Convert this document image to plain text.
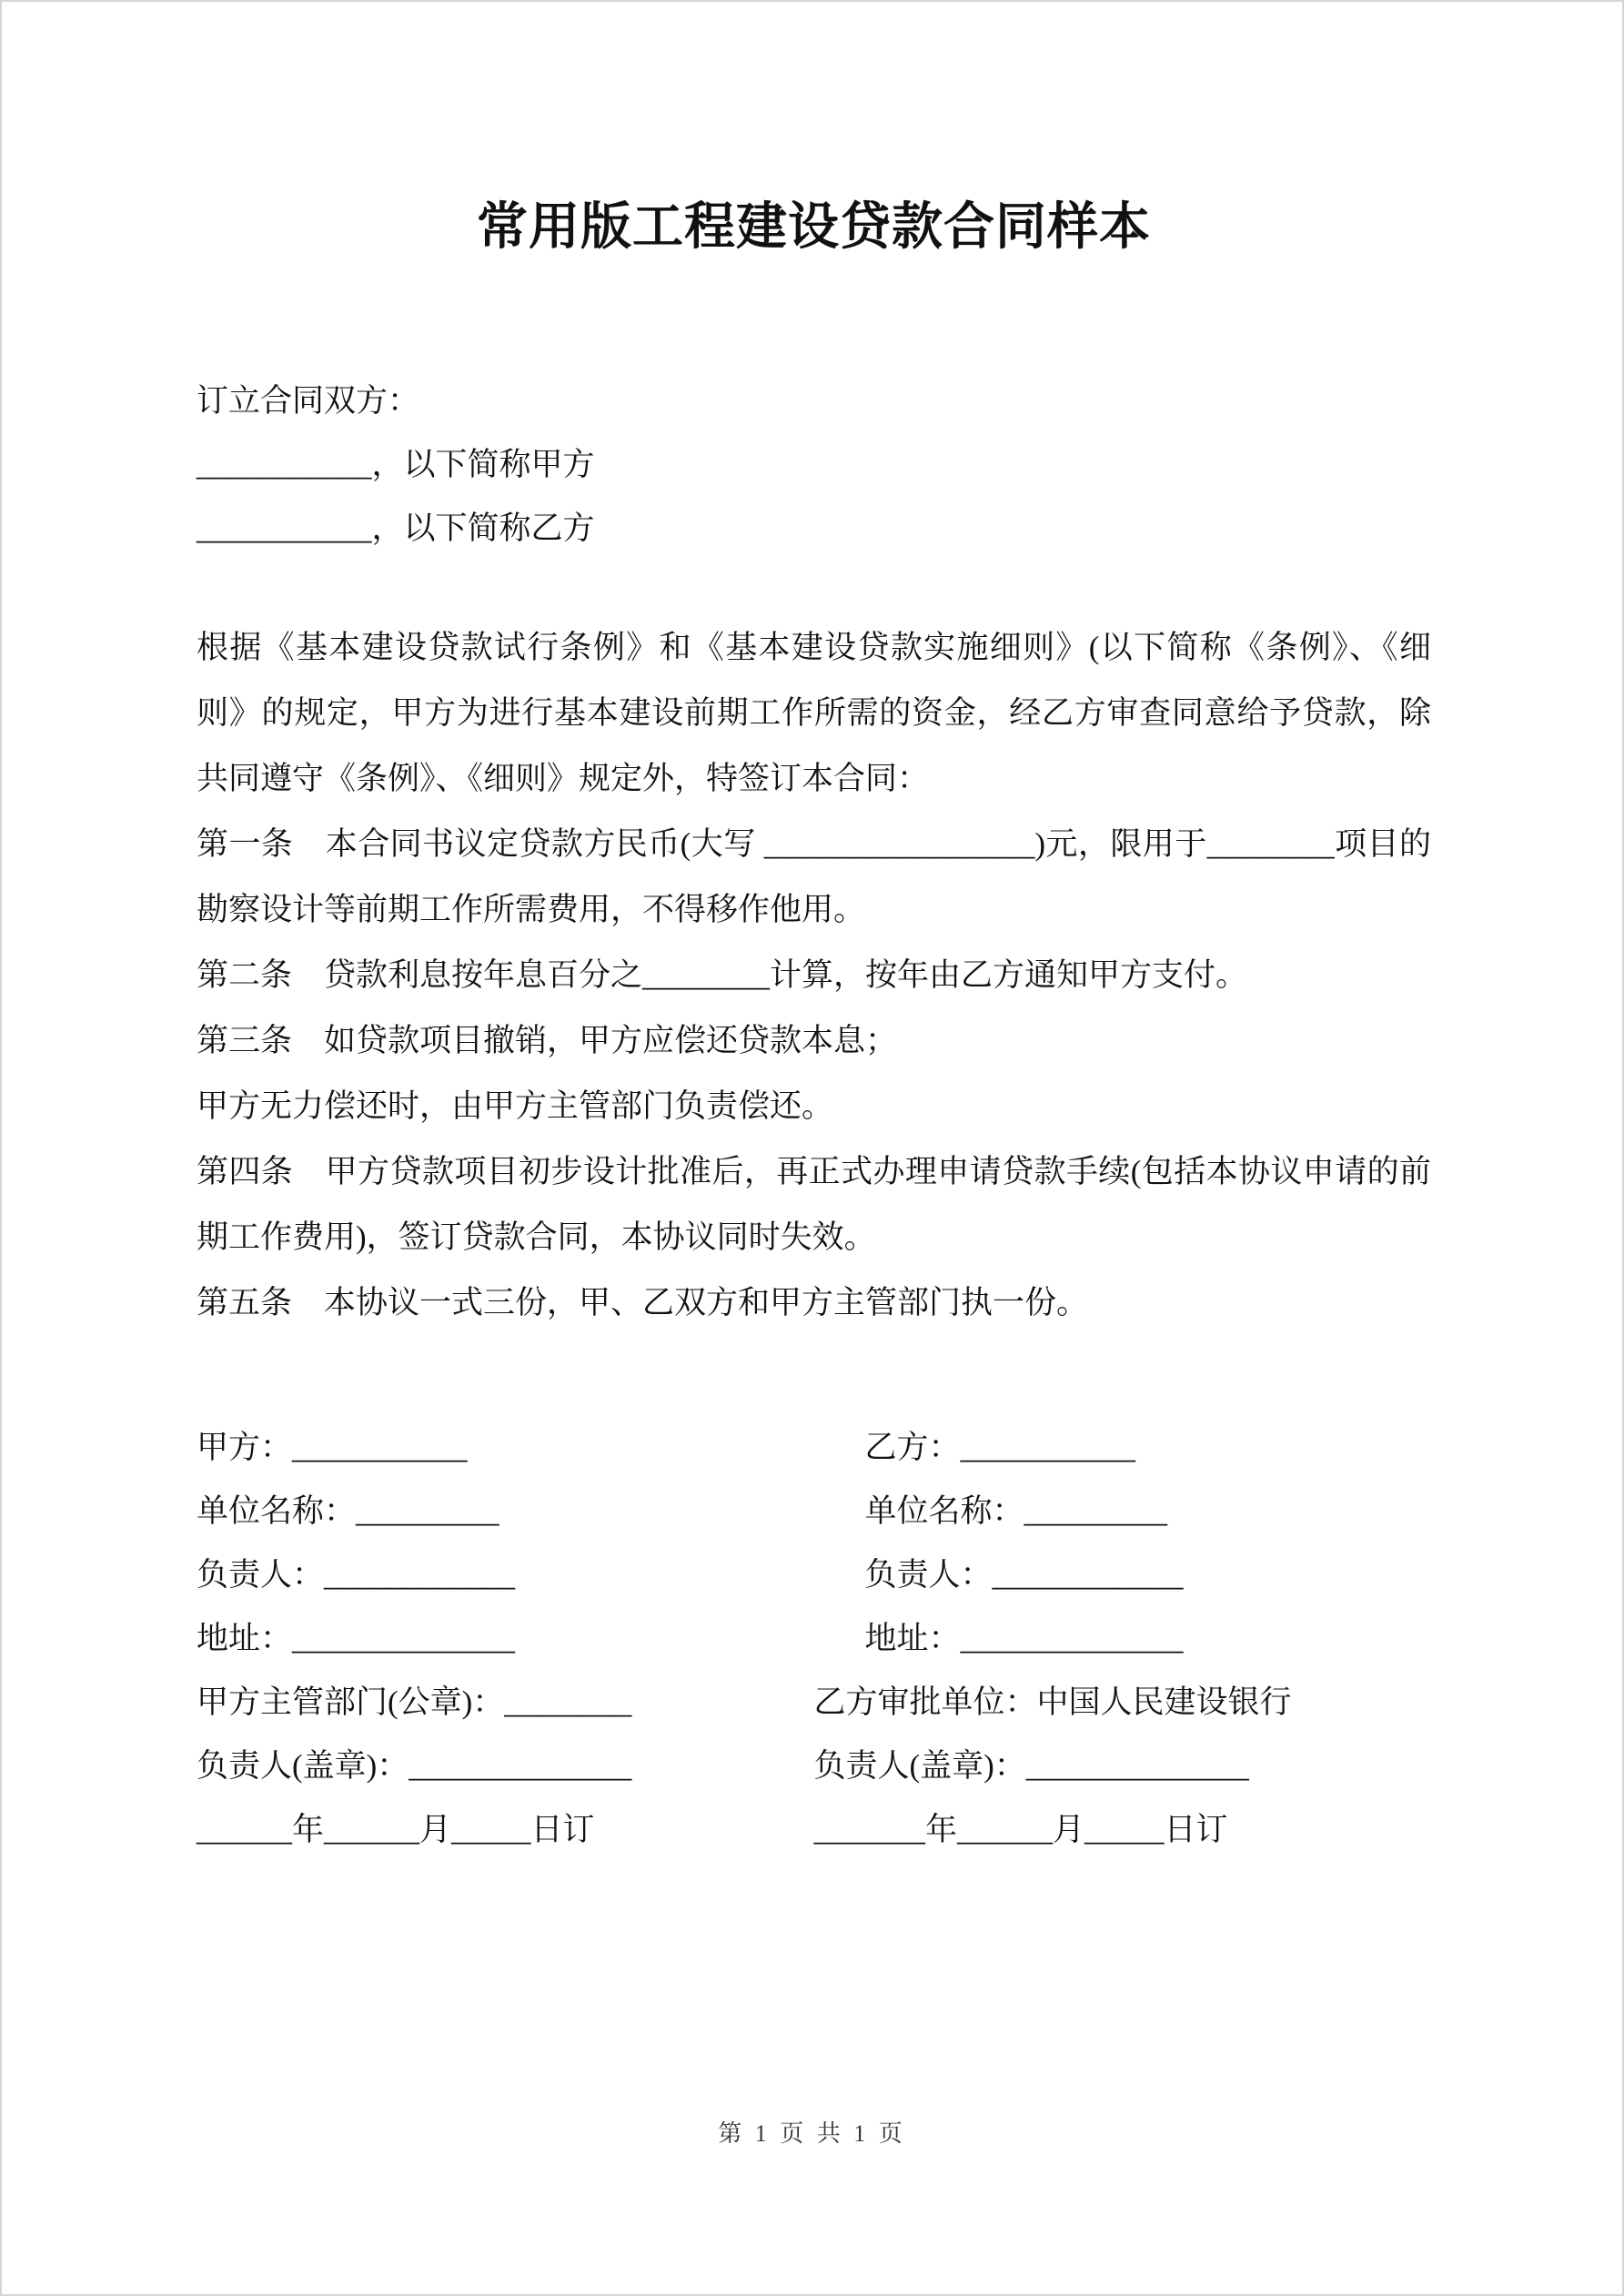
常用版工程建设贷款合同样本

订立合同双方：

___________，以下简称甲方

___________，以下简称乙方

根据《基本建设贷款试行条例》和《基本建设贷款实施细则》(以下简称《条例》、《细则》的规定，甲方为进行基本建设前期工作所需的资金，经乙方审查同意给予贷款，除共同遵守《条例》、《细则》规定外，特签订本合同：

第一条　本合同书议定贷款方民币(大写 _________________)元，限用于________项目的勘察设计等前期工作所需费用，不得移作他用。

第二条　贷款利息按年息百分之________计算，按年由乙方通知甲方支付。

第三条　如贷款项目撤销，甲方应偿还贷款本息；

甲方无力偿还时，由甲方主管部门负责偿还。

第四条　甲方贷款项目初步设计批准后，再正式办理申请贷款手续(包括本协议申请的前期工作费用)，签订贷款合同，本协议同时失效。

第五条　本协议一式三份，甲、乙双方和甲方主管部门执一份。

甲方：___________	乙方：___________
单位名称：_________	单位名称：_________
负责人：____________	负责人：____________
地址：______________	地址：______________
甲方主管部门(公章)：________	乙方审批单位：中国人民建设银行
负责人(盖章)：______________	负责人(盖章)：______________
______年______月_____日订	_______年______月_____日订
第 1 页 共 1 页
